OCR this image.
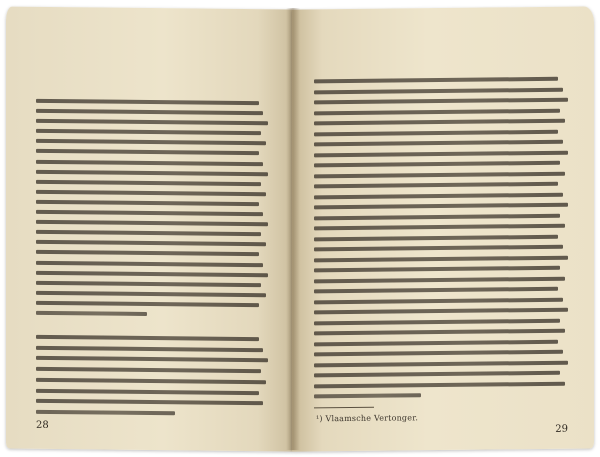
28
¹) Vlaamsche Vertonger.
29
